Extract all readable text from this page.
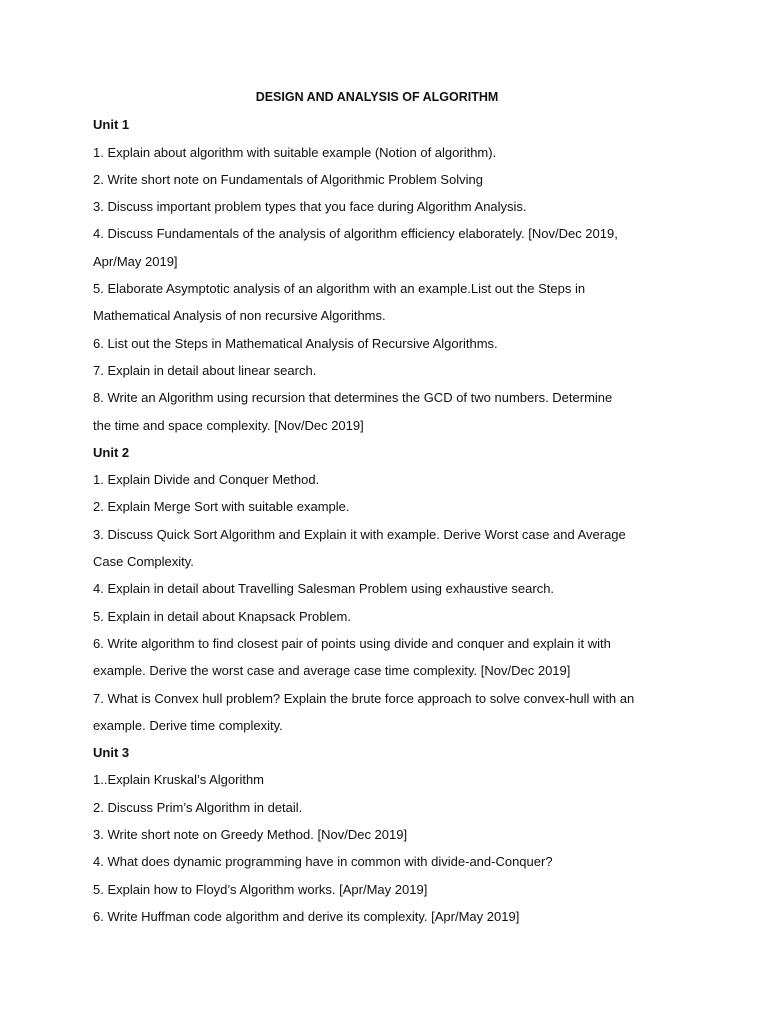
DESIGN AND ANALYSIS OF ALGORITHM
Unit 1
1. Explain about algorithm with suitable example (Notion of algorithm).
2. Write short note on Fundamentals of Algorithmic Problem Solving
3. Discuss important problem types that you face during Algorithm Analysis.
4. Discuss Fundamentals of the analysis of algorithm efficiency elaborately. [Nov/Dec 2019,
Apr/May 2019]
5. Elaborate Asymptotic analysis of an algorithm with an example.List out the Steps in
Mathematical Analysis of non recursive Algorithms.
6. List out the Steps in Mathematical Analysis of Recursive Algorithms.
7. Explain in detail about linear search.
8. Write an Algorithm using recursion that determines the GCD of two numbers. Determine
the time and space complexity. [Nov/Dec 2019]
Unit 2
1. Explain Divide and Conquer Method.
2. Explain Merge Sort with suitable example.
3. Discuss Quick Sort Algorithm and Explain it with example. Derive Worst case and Average
Case Complexity.
4. Explain in detail about Travelling Salesman Problem using exhaustive search.
5. Explain in detail about Knapsack Problem.
6. Write algorithm to find closest pair of points using divide and conquer and explain it with
example. Derive the worst case and average case time complexity. [Nov/Dec 2019]
7. What is Convex hull problem? Explain the brute force approach to solve convex-hull with an
example. Derive time complexity.
Unit 3
1..Explain Kruskal’s Algorithm
2. Discuss Prim’s Algorithm in detail.
3. Write short note on Greedy Method. [Nov/Dec 2019]
4. What does dynamic programming have in common with divide-and-Conquer?
5. Explain how to Floyd’s Algorithm works. [Apr/May 2019]
6. Write Huffman code algorithm and derive its complexity. [Apr/May 2019]
